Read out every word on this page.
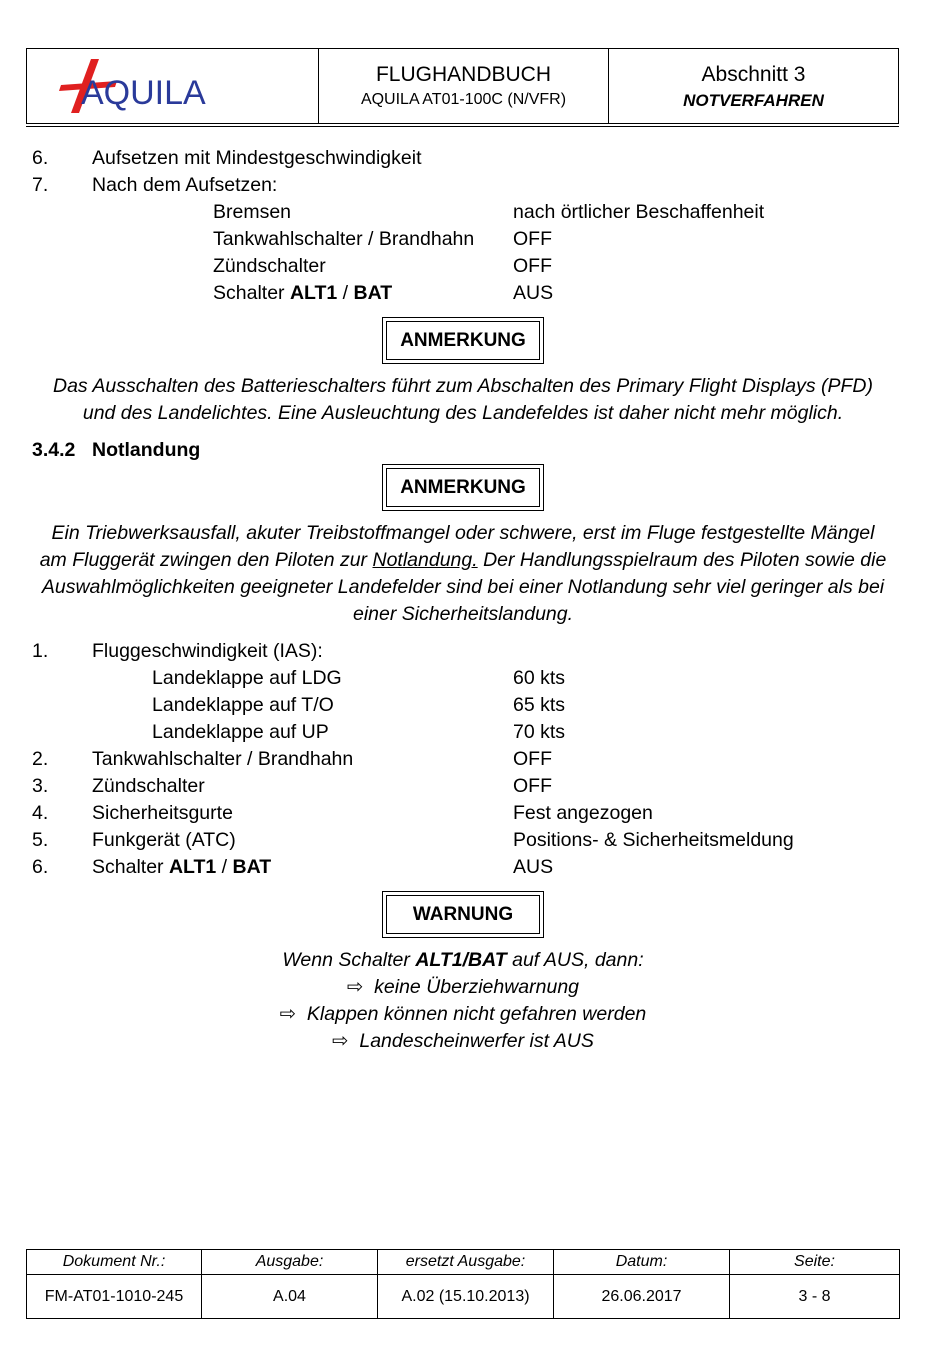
AQUILA	FLUGHANDBUCH
AQUILA AT01-100C (N/VFR)
Abschnitt 3
NOTVERFAHREN
6. Aufsetzen mit Mindestgeschwindigkeit
7. Nach dem Aufsetzen:
Bremsen	nach örtlicher Beschaffenheit
Tankwahlschalter / Brandhahn OFF
Zündschalter	OFF
Schalter ALT1 / BAT	AUS
ANMERKUNG
Das Ausschalten des Batterieschalters führt zum Abschalten des Primary Flight Displays (PFD)
und des Landelichtes. Eine Ausleuchtung des Landefeldes ist daher nicht mehr möglich.
3.4.2 Notlandung
ANMERKUNG
Ein Triebwerksausfall, akuter Treibstoffmangel oder schwere, erst im Fluge festgestellte Mängel
am Fluggerät zwingen den Piloten zur Notlandung. Der Handlungsspielraum des Piloten sowie die
Auswahlmöglichkeiten geeigneter Landefelder sind bei einer Notlandung sehr viel geringer als bei
einer Sicherheitslandung.
1. Fluggeschwindigkeit (IAS):
Landeklappe auf LDG	60 kts
Landeklappe auf T/O	65 kts
Landeklappe auf UP	70 kts
2. Tankwahlschalter / Brandhahn	OFF
3. Zündschalter	OFF
4. Sicherheitsgurte	Fest angezogen
5. Funkgerät (ATC)	Positions- & Sicherheitsmeldung
6. Schalter ALT1 / BAT	AUS
WARNUNG
Wenn Schalter ALT1/BAT auf AUS, dann:
⇨ keine Überziehwarnung
⇨ Klappen können nicht gefahren werden
⇨ Landescheinwerfer ist AUS
Dokument Nr.:	Ausgabe:	ersetzt Ausgabe:	Datum:	Seite:
FM-AT01-1010-245	A.04	A.02 (15.10.2013)	26.06.2017	3 - 8
